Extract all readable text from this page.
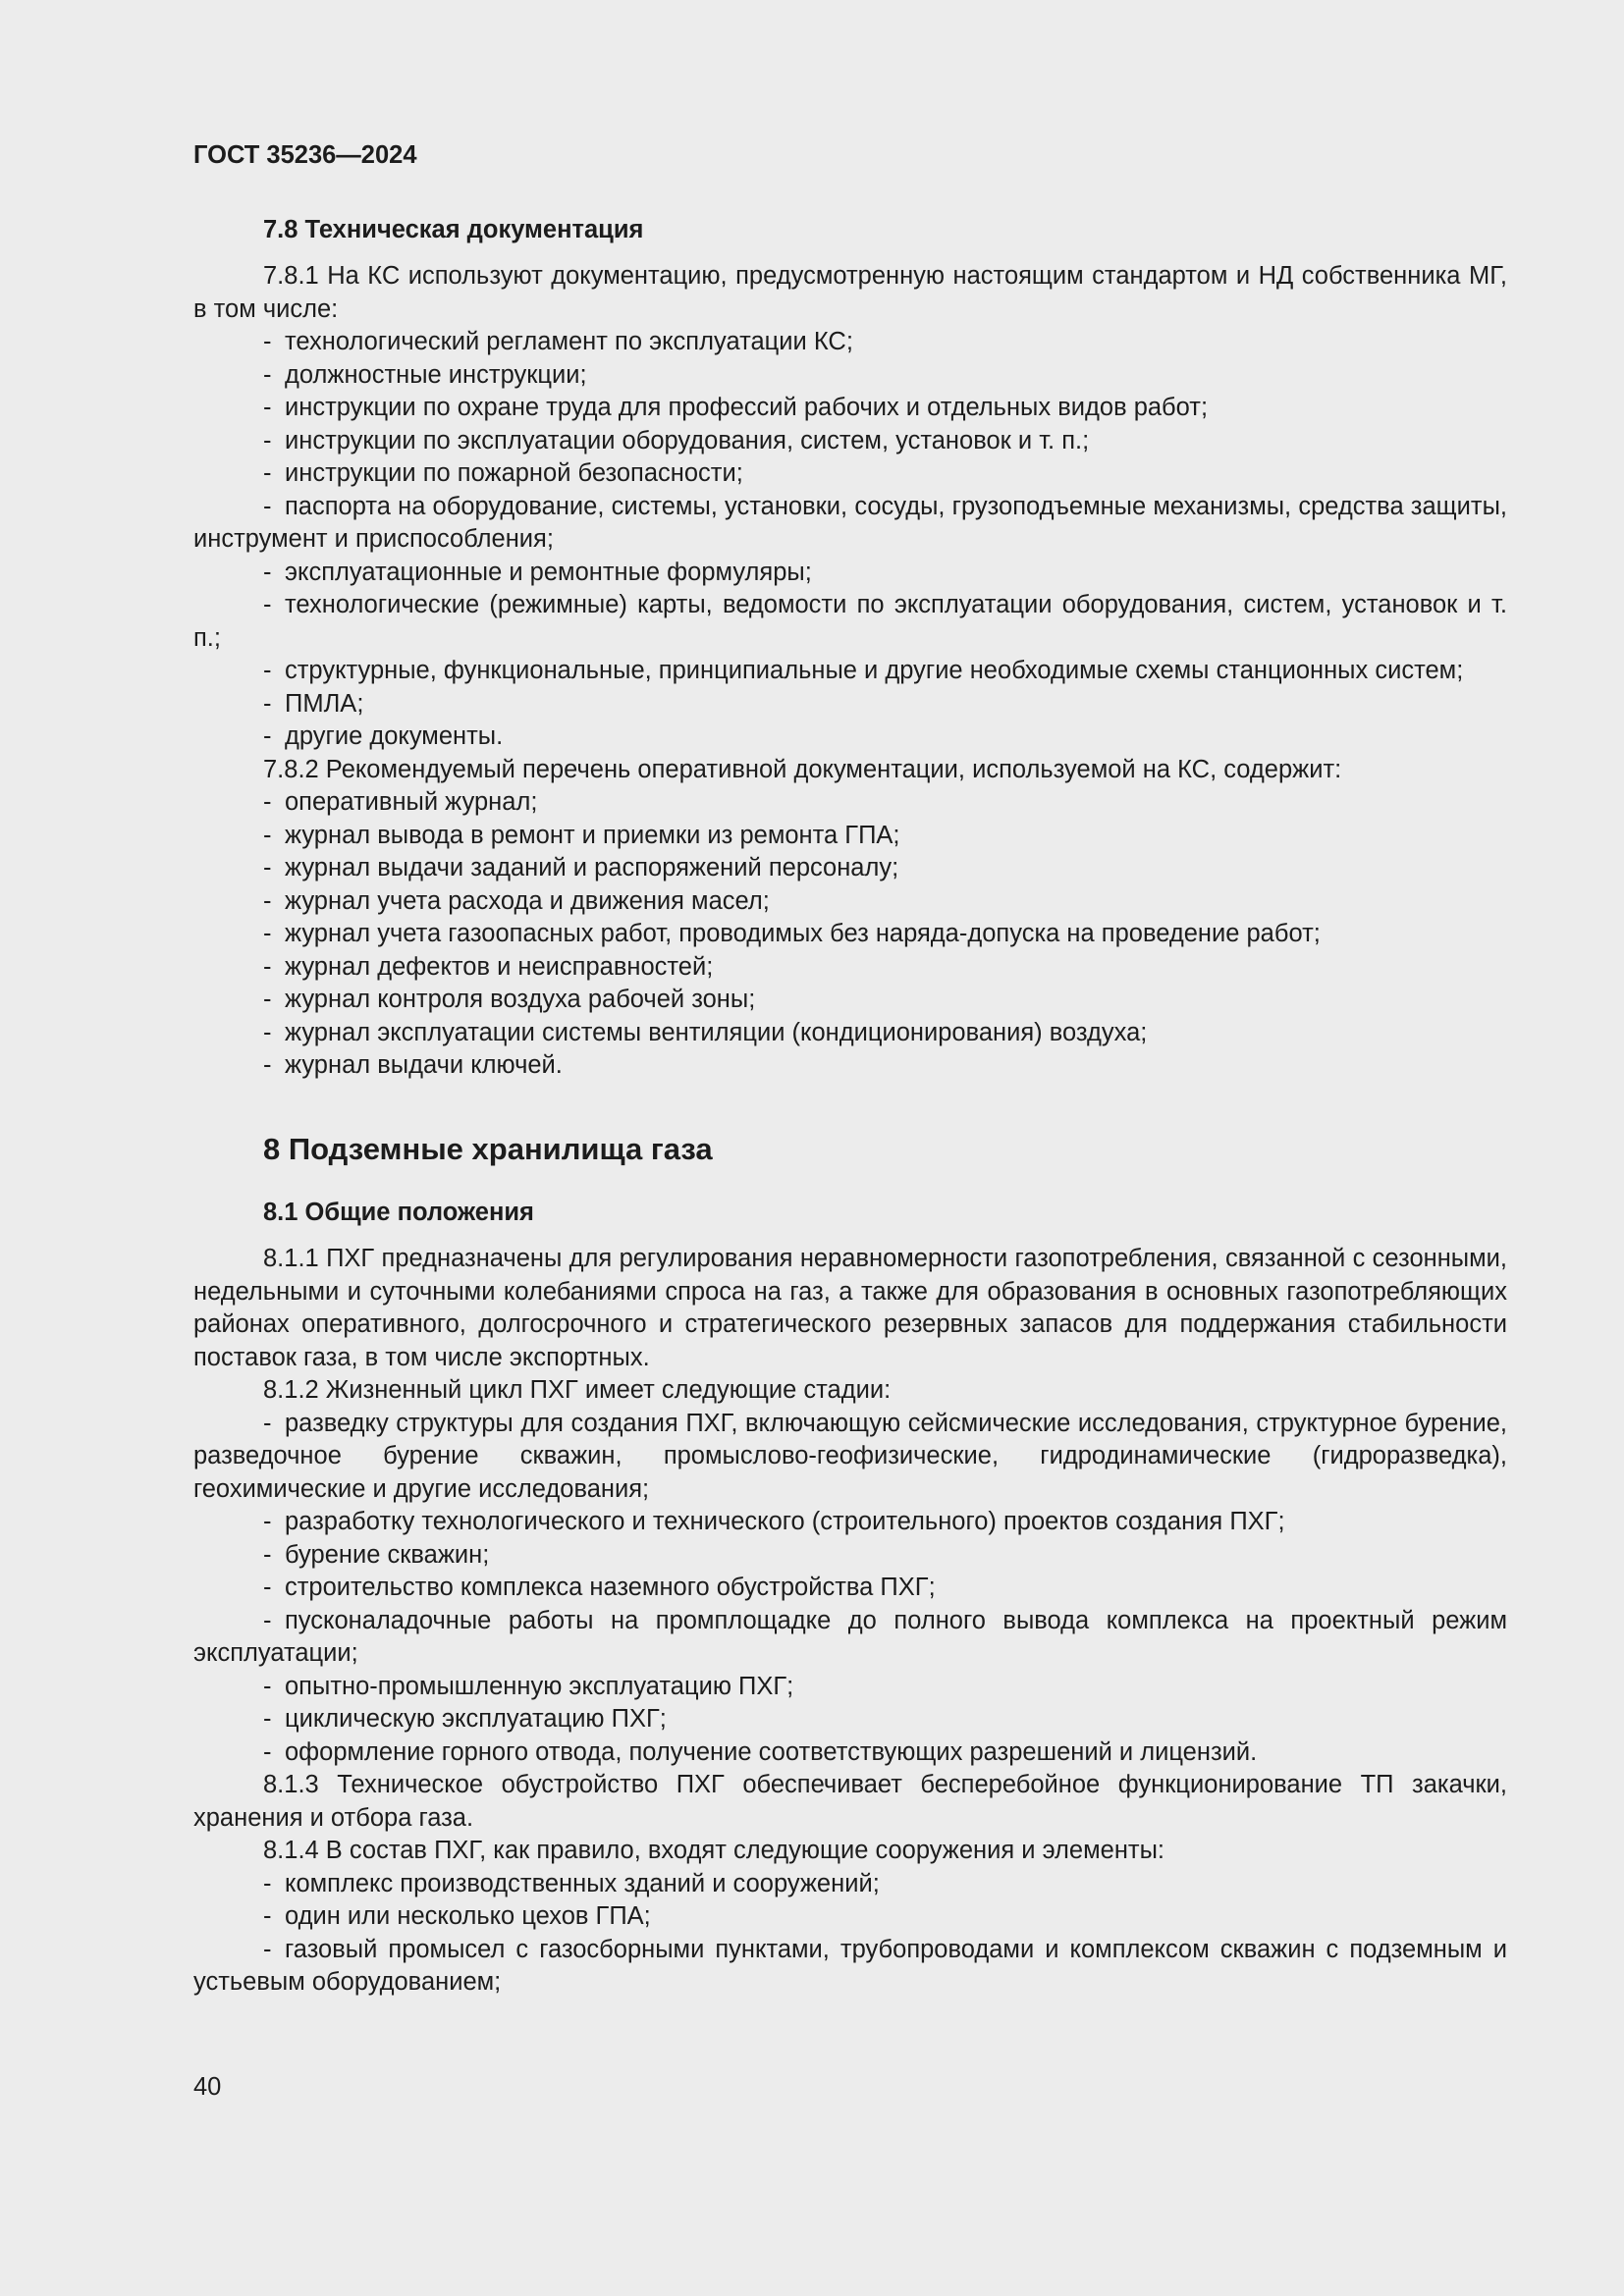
ГОСТ 35236—2024
7.8 Техническая документация

7.8.1 На КС используют документацию, предусмотренную настоящим стандартом и НД собственника МГ, в том числе:

- технологический регламент по эксплуатации КС;
- должностные инструкции;
- инструкции по охране труда для профессий рабочих и отдельных видов работ;
- инструкции по эксплуатации оборудования, систем, установок и т. п.;
- инструкции по пожарной безопасности;
- паспорта на оборудование, системы, установки, сосуды, грузоподъемные механизмы, средства защиты, инструмент и приспособления;
- эксплуатационные и ремонтные формуляры;
- технологические (режимные) карты, ведомости по эксплуатации оборудования, систем, установок и т. п.;
- структурные, функциональные, принципиальные и другие необходимые схемы станционных систем;
- ПМЛА;
- другие документы.

7.8.2 Рекомендуемый перечень оперативной документации, используемой на КС, содержит:

- оперативный журнал;
- журнал вывода в ремонт и приемки из ремонта ГПА;
- журнал выдачи заданий и распоряжений персоналу;
- журнал учета расхода и движения масел;
- журнал учета газоопасных работ, проводимых без наряда-допуска на проведение работ;
- журнал дефектов и неисправностей;
- журнал контроля воздуха рабочей зоны;
- журнал эксплуатации системы вентиляции (кондиционирования) воздуха;
- журнал выдачи ключей.
8 Подземные хранилища газа
8.1 Общие положения

8.1.1 ПХГ предназначены для регулирования неравномерности газопотребления, связанной с сезонными, недельными и суточными колебаниями спроса на газ, а также для образования в основных газопотребляющих районах оперативного, долгосрочного и стратегического резервных запасов для поддержания стабильности поставок газа, в том числе экспортных.

8.1.2 Жизненный цикл ПХГ имеет следующие стадии:

- разведку структуры для создания ПХГ, включающую сейсмические исследования, структурное бурение, разведочное бурение скважин, промыслово-геофизические, гидродинамические (гидроразведка), геохимические и другие исследования;
- разработку технологического и технического (строительного) проектов создания ПХГ;
- бурение скважин;
- строительство комплекса наземного обустройства ПХГ;
- пусконаладочные работы на промплощадке до полного вывода комплекса на проектный режим эксплуатации;
- опытно-промышленную эксплуатацию ПХГ;
- циклическую эксплуатацию ПХГ;
- оформление горного отвода, получение соответствующих разрешений и лицензий.

8.1.3 Техническое обустройство ПХГ обеспечивает бесперебойное функционирование ТП закачки, хранения и отбора газа.

8.1.4 В состав ПХГ, как правило, входят следующие сооружения и элементы:

- комплекс производственных зданий и сооружений;
- один или несколько цехов ГПА;
- газовый промысел с газосборными пунктами, трубопроводами и комплексом скважин с подземным и устьевым оборудованием;
40
